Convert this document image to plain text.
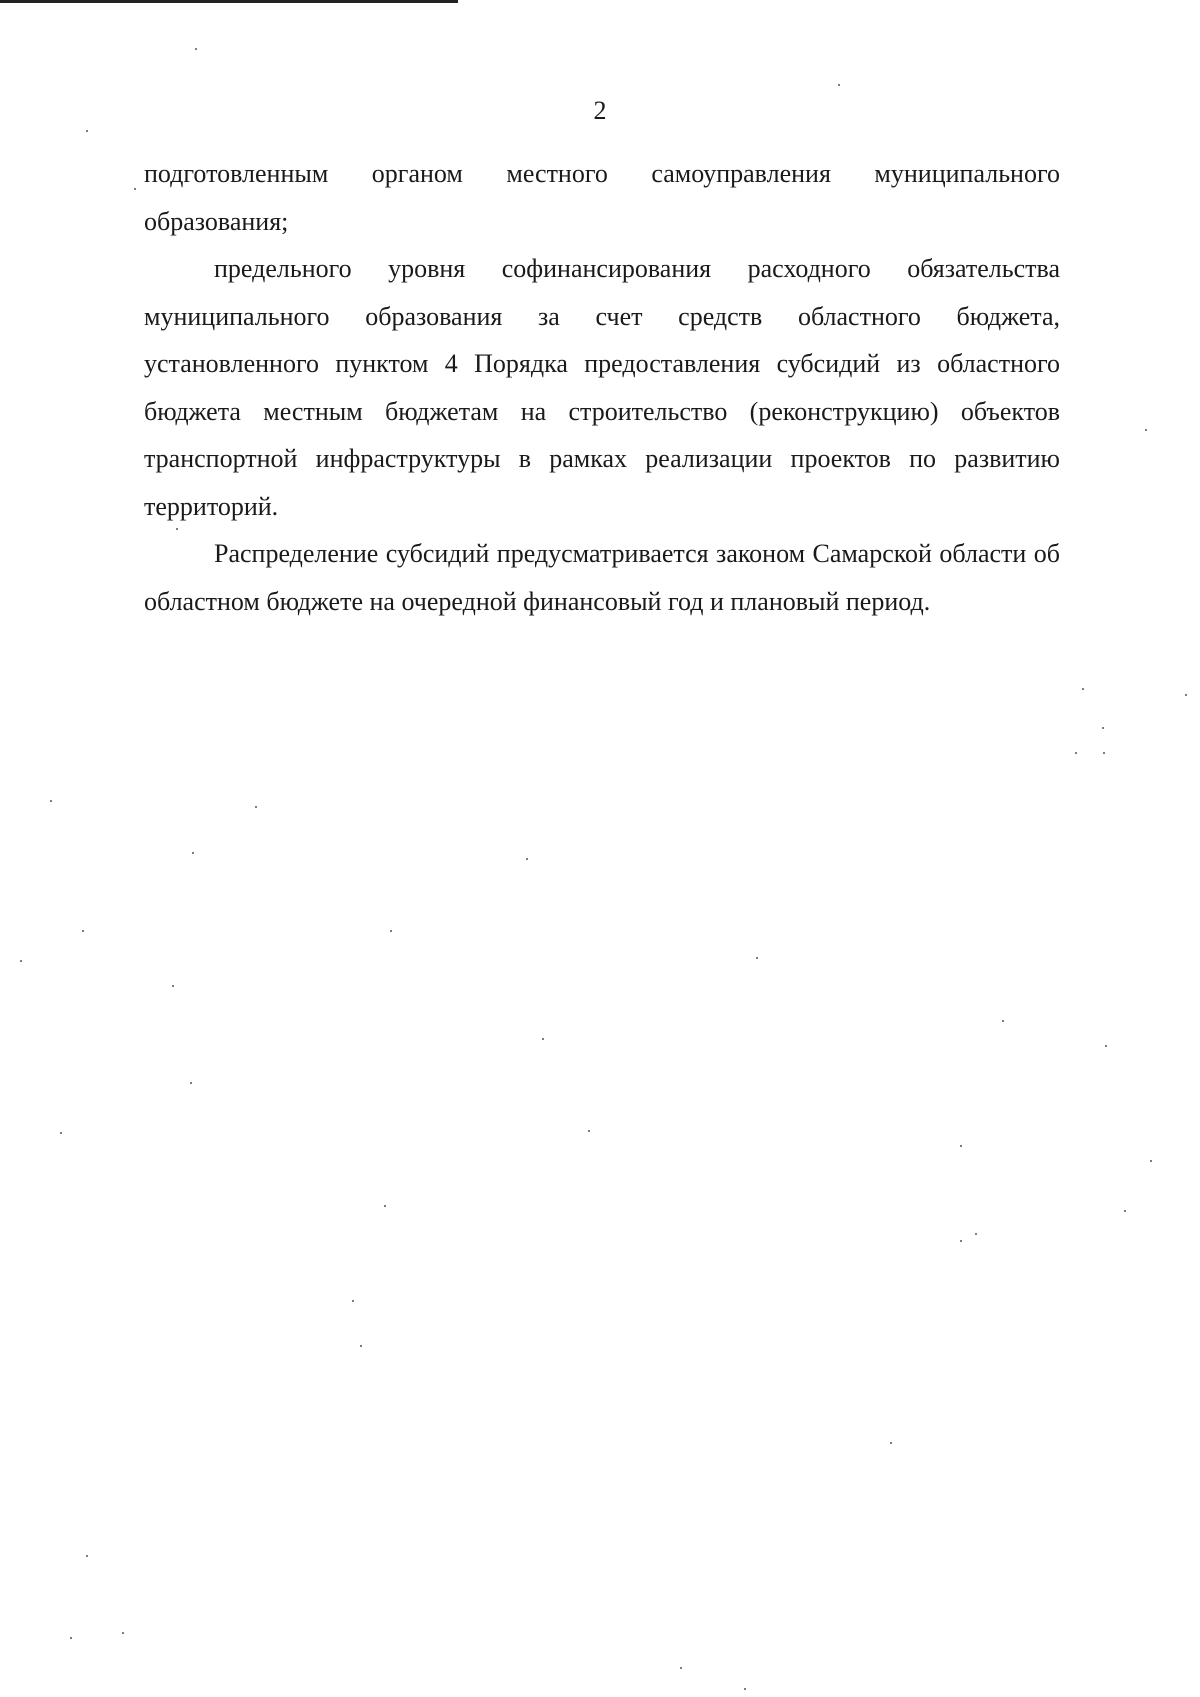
2

подготовленным органом местного самоуправления муниципального образования;

предельного уровня софинансирования расходного обязательства муниципального образования за счет средств областного бюджета, установленного пунктом 4 Порядка предоставления субсидий из областного бюджета местным бюджетам на строительство (реконструкцию) объектов транспортной инфраструктуры в рамках реализации проектов по развитию территорий.

Распределение субсидий предусматривается законом Самарской области об областном бюджете на очередной финансовый год и плановый период.
